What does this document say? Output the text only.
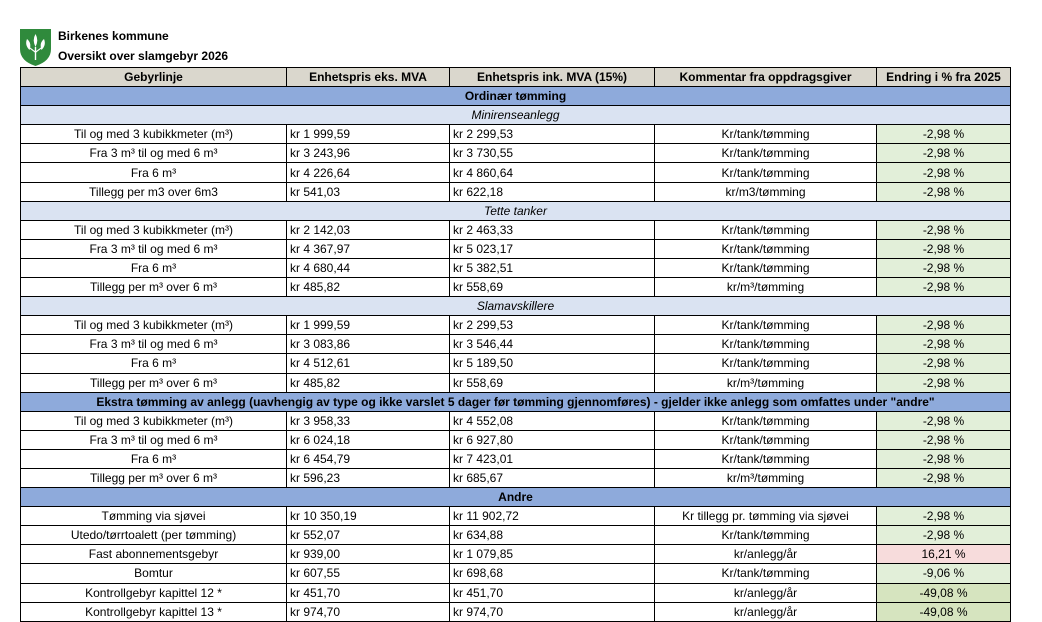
Birkenes kommune
Oversikt over slamgebyr 2026
Gebyrlinje	Enhetspris eks. MVA	Enhetspris ink. MVA (15%)	Kommentar fra oppdragsgiver	Endring i % fra 2025
Ordinær tømming				
Minirenseanlegg				
Til og med 3 kubikkmeter (m³)	kr 1 999,59	kr 2 299,53	Kr/tank/tømming	-2,98 %
Fra 3 m³ til og med 6 m³	kr 3 243,96	kr 3 730,55	Kr/tank/tømming	-2,98 %
Fra 6 m³	kr 4 226,64	kr 4 860,64	Kr/tank/tømming	-2,98 %
Tillegg per m3 over 6m3	kr 541,03	kr 622,18	kr/m3/tømming	-2,98 %
Tette tanker				
Til og med 3 kubikkmeter (m³)	kr 2 142,03	kr 2 463,33	Kr/tank/tømming	-2,98 %
Fra 3 m³ til og med 6 m³	kr 4 367,97	kr 5 023,17	Kr/tank/tømming	-2,98 %
Fra 6 m³	kr 4 680,44	kr 5 382,51	Kr/tank/tømming	-2,98 %
Tillegg per m³ over 6 m³	kr 485,82	kr 558,69	kr/m³/tømming	-2,98 %
Slamavskillere				
Til og med 3 kubikkmeter (m³)	kr 1 999,59	kr 2 299,53	Kr/tank/tømming	-2,98 %
Fra 3 m³ til og med 6 m³	kr 3 083,86	kr 3 546,44	Kr/tank/tømming	-2,98 %
Fra 6 m³	kr 4 512,61	kr 5 189,50	Kr/tank/tømming	-2,98 %
Tillegg per m³ over 6 m³	kr 485,82	kr 558,69	kr/m³/tømming	-2,98 %
Ekstra tømming av anlegg (uavhengig av type og ikke varslet 5 dager før tømming gjennomføres) - gjelder ikke anlegg som omfattes under "andre"				
Til og med 3 kubikkmeter (m³)	kr 3 958,33	kr 4 552,08	Kr/tank/tømming	-2,98 %
Fra 3 m³ til og med 6 m³	kr 6 024,18	kr 6 927,80	Kr/tank/tømming	-2,98 %
Fra 6 m³	kr 6 454,79	kr 7 423,01	Kr/tank/tømming	-2,98 %
Tillegg per m³ over 6 m³	kr 596,23	kr 685,67	kr/m³/tømming	-2,98 %
Andre				
Tømming via sjøvei	kr 10 350,19	kr 11 902,72	Kr tillegg pr. tømming via sjøvei	-2,98 %
Utedo/tørrtoalett (per tømming)	kr 552,07	kr 634,88	Kr/tank/tømming	-2,98 %
Fast abonnementsgebyr	kr 939,00	kr 1 079,85	kr/anlegg/år	16,21 %
Bomtur	kr 607,55	kr 698,68	Kr/tank/tømming	-9,06 %
Kontrollgebyr kapittel 12 *	kr 451,70	kr 451,70	kr/anlegg/år	-49,08 %
Kontrollgebyr kapittel 13 *	kr 974,70	kr 974,70	kr/anlegg/år	-49,08 %
